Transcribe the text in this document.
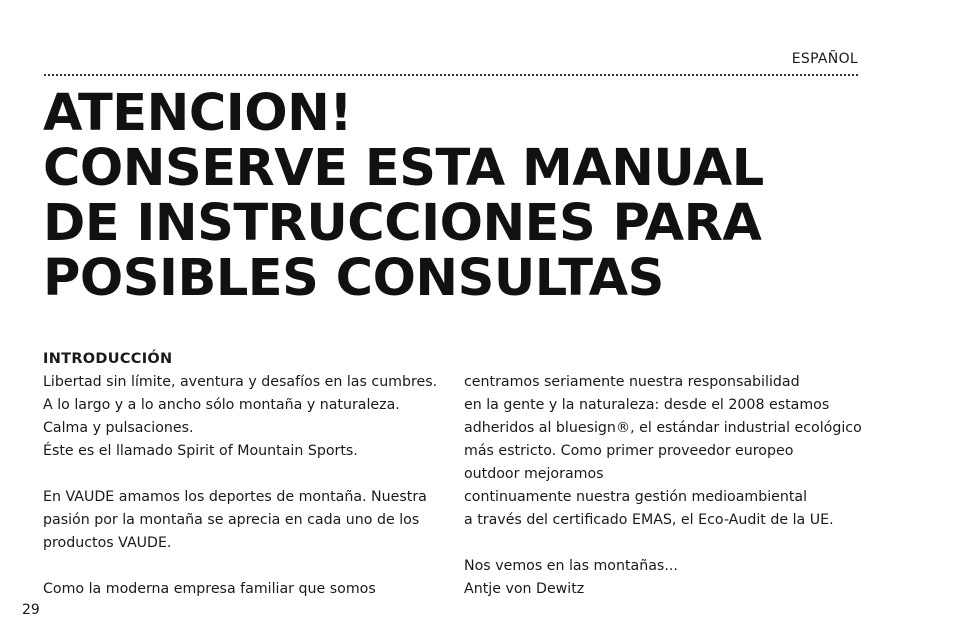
ESPAÑOL
ATENCION!
CONSERVE ESTA MANUAL
DE INSTRUCCIONES PARA
POSIBLES CONSULTAS
INTRODUCCIÓN
Libertad sin límite, aventura y desafíos en las cumbres.
A lo largo y a lo ancho sólo montaña y naturaleza.
Calma y pulsaciones.
Éste es el llamado Spirit of Mountain Sports.
En VAUDE amamos los deportes de montaña. Nuestra
pasión por la montaña se aprecia en cada uno de los
productos VAUDE.
Como la moderna empresa familiar que somos
centramos seriamente nuestra responsabilidad
en la gente y la naturaleza: desde el 2008 estamos
adheridos al bluesign®, el estándar industrial ecológico
más estricto. Como primer proveedor europeo
outdoor mejoramos
continuamente nuestra gestión medioambiental
a través del certificado EMAS, el Eco-Audit de la UE.
Nos vemos en las montañas...
Antje von Dewitz
29
